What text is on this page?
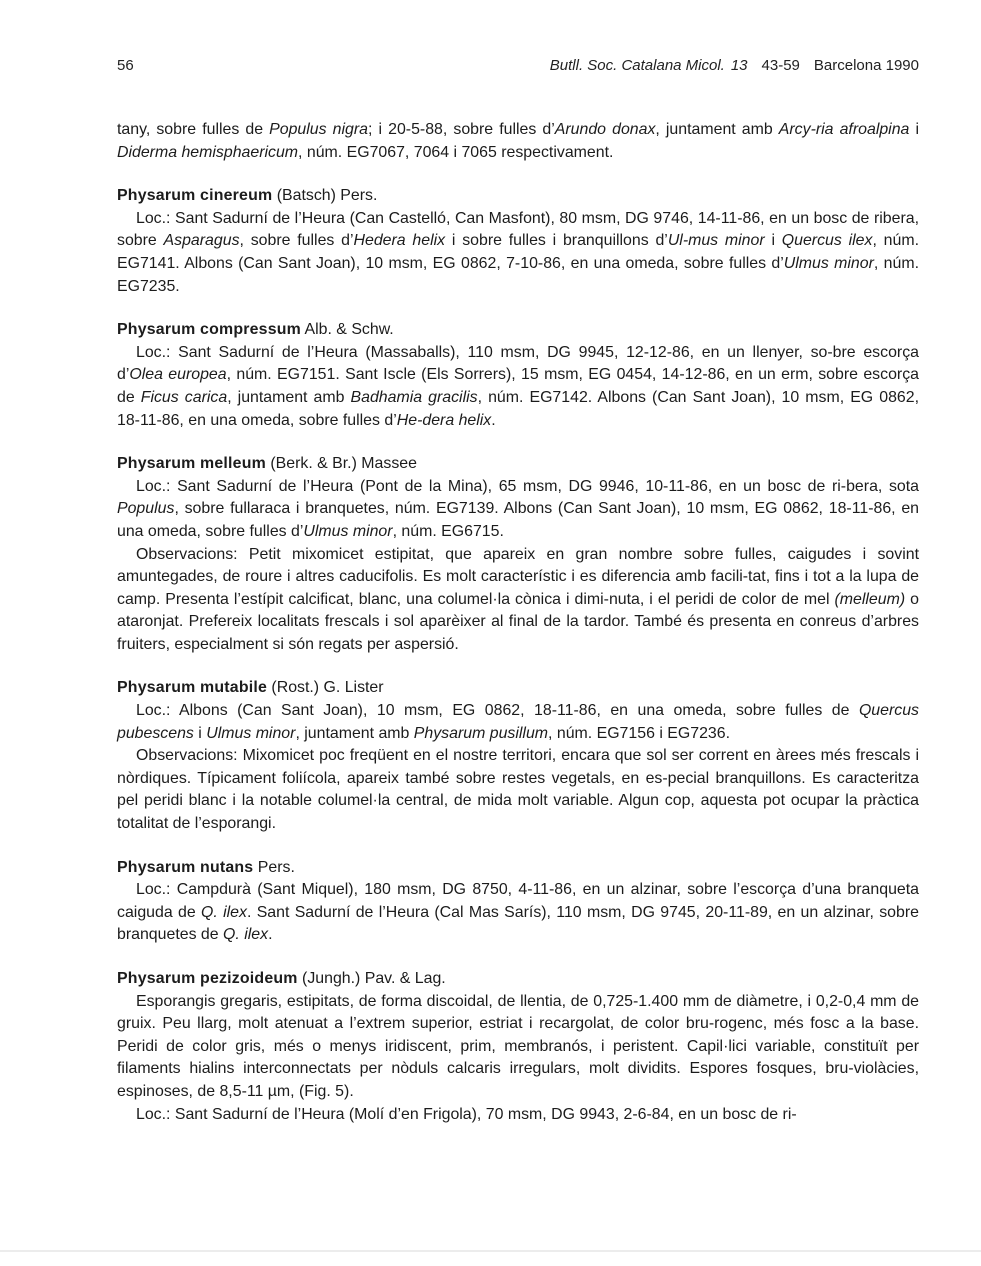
56	Butll. Soc. Catalana Micol. 13 43-59 Barcelona 1990

tany, sobre fulles de Populus nigra; i 20-5-88, sobre fulles d’Arundo donax, juntament amb Arcy-ria afroalpina i Diderma hemisphaericum, núm. EG7067, 7064 i 7065 respectivament.

Physarum cinereum (Batsch) Pers.

Loc.: Sant Sadurní de l’Heura (Can Castelló, Can Masfont), 80 msm, DG 9746, 14-11-86, en un bosc de ribera, sobre Asparagus, sobre fulles d’Hedera helix i sobre fulles i branquillons d’Ul-mus minor i Quercus ilex, núm. EG7141. Albons (Can Sant Joan), 10 msm, EG 0862, 7-10-86, en una omeda, sobre fulles d’Ulmus minor, núm. EG7235.

Physarum compressum Alb. & Schw.

Loc.: Sant Sadurní de l’Heura (Massaballs), 110 msm, DG 9945, 12-12-86, en un llenyer, so-bre escorça d’Olea europea, núm. EG7151. Sant Iscle (Els Sorrers), 15 msm, EG 0454, 14-12-86, en un erm, sobre escorça de Ficus carica, juntament amb Badhamia gracilis, núm. EG7142. Albons (Can Sant Joan), 10 msm, EG 0862, 18-11-86, en una omeda, sobre fulles d’He-dera helix.

Physarum melleum (Berk. & Br.) Massee

Loc.: Sant Sadurní de l’Heura (Pont de la Mina), 65 msm, DG 9946, 10-11-86, en un bosc de ri-bera, sota Populus, sobre fullaraca i branquetes, núm. EG7139. Albons (Can Sant Joan), 10 msm, EG 0862, 18-11-86, en una omeda, sobre fulles d’Ulmus minor, núm. EG6715.

Observacions: Petit mixomicet estipitat, que apareix en gran nombre sobre fulles, caigudes i sovint amuntegades, de roure i altres caducifolis. Es molt característic i es diferencia amb facili-tat, fins i tot a la lupa de camp. Presenta l’estípit calcificat, blanc, una columel·la cònica i dimi-nuta, i el peridi de color de mel (melleum) o ataronjat. Prefereix localitats frescals i sol aparèixer al final de la tardor. També és presenta en conreus d’arbres fruiters, especialment si són regats per aspersió.

Physarum mutabile (Rost.) G. Lister

Loc.: Albons (Can Sant Joan), 10 msm, EG 0862, 18-11-86, en una omeda, sobre fulles de Quercus pubescens i Ulmus minor, juntament amb Physarum pusillum, núm. EG7156 i EG7236.

Observacions: Mixomicet poc freqüent en el nostre territori, encara que sol ser corrent en àrees més frescals i nòrdiques. Típicament foliícola, apareix també sobre restes vegetals, en es-pecial branquillons. Es caracteritza pel peridi blanc i la notable columel·la central, de mida molt variable. Algun cop, aquesta pot ocupar la pràctica totalitat de l’esporangi.

Physarum nutans Pers.

Loc.: Campdurà (Sant Miquel), 180 msm, DG 8750, 4-11-86, en un alzinar, sobre l’escorça d’una branqueta caiguda de Q. ilex. Sant Sadurní de l’Heura (Cal Mas Sarís), 110 msm, DG 9745, 20-11-89, en un alzinar, sobre branquetes de Q. ilex.

Physarum pezizoideum (Jungh.) Pav. & Lag.

Esporangis gregaris, estipitats, de forma discoidal, de llentia, de 0,725-1.400 mm de diàmetre, i 0,2-0,4 mm de gruix. Peu llarg, molt atenuat a l’extrem superior, estriat i recargolat, de color bru-rogenc, més fosc a la base. Peridi de color gris, més o menys iridiscent, prim, membranós, i peristent. Capil·lici variable, constituït per filaments hialins interconnectats per nòduls calcaris irregulars, molt dividits. Espores fosques, bru-violàcies, espinoses, de 8,5-11 µm, (Fig. 5).

Loc.: Sant Sadurní de l’Heura (Molí d’en Frigola), 70 msm, DG 9943, 2-6-84, en un bosc de ri-
